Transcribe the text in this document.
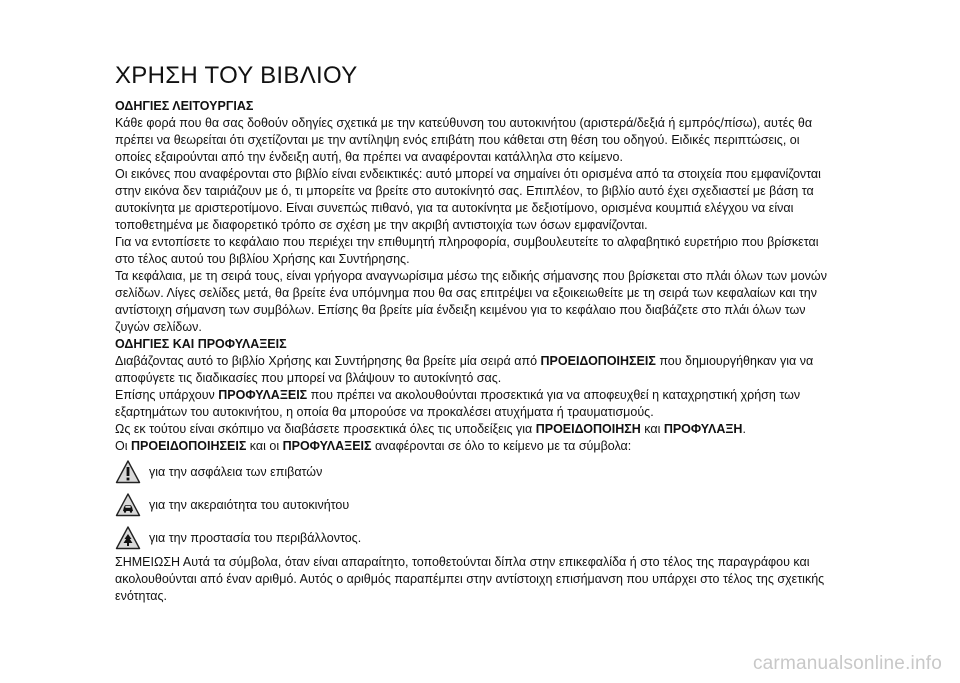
ΧΡΗΣΗ ΤΟΥ ΒΙΒΛΙΟΥ

ΟΔΗΓΙΕΣ ΛΕΙΤΟΥΡΓΙΑΣ

Κάθε φορά που θα σας δοθούν οδηγίες σχετικά με την κατεύθυνση του αυτοκινήτου (αριστερά/δεξιά ή εμπρός/πίσω), αυτές θα πρέπει να θεωρείται ότι σχετίζονται με την αντίληψη ενός επιβάτη που κάθεται στη θέση του οδηγού. Ειδικές περιπτώσεις, οι οποίες εξαιρούνται από την ένδειξη αυτή, θα πρέπει να αναφέρονται κατάλληλα στο κείμενο.

Οι εικόνες που αναφέρονται στο βιβλίο είναι ενδεικτικές: αυτό μπορεί να σημαίνει ότι ορισμένα από τα στοιχεία που εμφανίζονται στην εικόνα δεν ταιριάζουν με ό, τι μπορείτε να βρείτε στο αυτοκίνητό σας. Επιπλέον, το βιβλίο αυτό έχει σχεδιαστεί με βάση τα αυτοκίνητα με αριστεροτίμονο. Είναι συνεπώς πιθανό, για τα αυτοκίνητα με δεξιοτίμονο, ορισμένα κουμπιά ελέγχου να είναι τοποθετημένα με διαφορετικό τρόπο σε σχέση με την ακριβή αντιστοιχία των όσων εμφανίζονται.

Για να εντοπίσετε το κεφάλαιο που περιέχει την επιθυμητή πληροφορία, συμβουλευτείτε το αλφαβητικό ευρετήριο που βρίσκεται στο τέλος αυτού του βιβλίου Χρήσης και Συντήρησης.

Τα κεφάλαια, με τη σειρά τους, είναι γρήγορα αναγνωρίσιμα μέσω της ειδικής σήμανσης που βρίσκεται στο πλάι όλων των μονών σελίδων. Λίγες σελίδες μετά, θα βρείτε ένα υπόμνημα που θα σας επιτρέψει να εξοικειωθείτε με τη σειρά των κεφαλαίων και την αντίστοιχη σήμανση των συμβόλων. Επίσης θα βρείτε μία ένδειξη κειμένου για το κεφάλαιο που διαβάζετε στο πλάι όλων των ζυγών σελίδων.

ΟΔΗΓΙΕΣ ΚΑΙ ΠΡΟΦΥΛΑΞΕΙΣ

Διαβάζοντας αυτό το βιβλίο Χρήσης και Συντήρησης θα βρείτε μία σειρά από ΠΡΟΕΙΔΟΠΟΙΗΣΕΙΣ που δημιουργήθηκαν για να αποφύγετε τις διαδικασίες που μπορεί να βλάψουν το αυτοκίνητό σας.

Επίσης υπάρχουν ΠΡΟΦΥΛΑΞΕΙΣ που πρέπει να ακολουθούνται προσεκτικά για να αποφευχθεί η καταχρηστική χρήση των εξαρτημάτων του αυτοκινήτου, η οποία θα μπορούσε να προκαλέσει ατυχήματα ή τραυματισμούς.

Ως εκ τούτου είναι σκόπιμο να διαβάσετε προσεκτικά όλες τις υποδείξεις για ΠΡΟΕΙΔΟΠΟΙΗΣΗ και ΠΡΟΦΥΛΑΞΗ.

Οι ΠΡΟΕΙΔΟΠΟΙΗΣΕΙΣ και οι ΠΡΟΦΥΛΑΞΕΙΣ αναφέρονται σε όλο το κείμενο με τα σύμβολα:

για την ασφάλεια των επιβατών
για την ακεραιότητα του αυτοκινήτου
για την προστασία του περιβάλλοντος.

ΣΗΜΕΙΩΣΗ Αυτά τα σύμβολα, όταν είναι απαραίτητο, τοποθετούνται δίπλα στην επικεφαλίδα ή στο τέλος της παραγράφου και ακολουθούνται από έναν αριθμό. Αυτός ο αριθμός παραπέμπει στην αντίστοιχη επισήμανση που υπάρχει στο τέλος της σχετικής ενότητας.

carmanualsonline.info
